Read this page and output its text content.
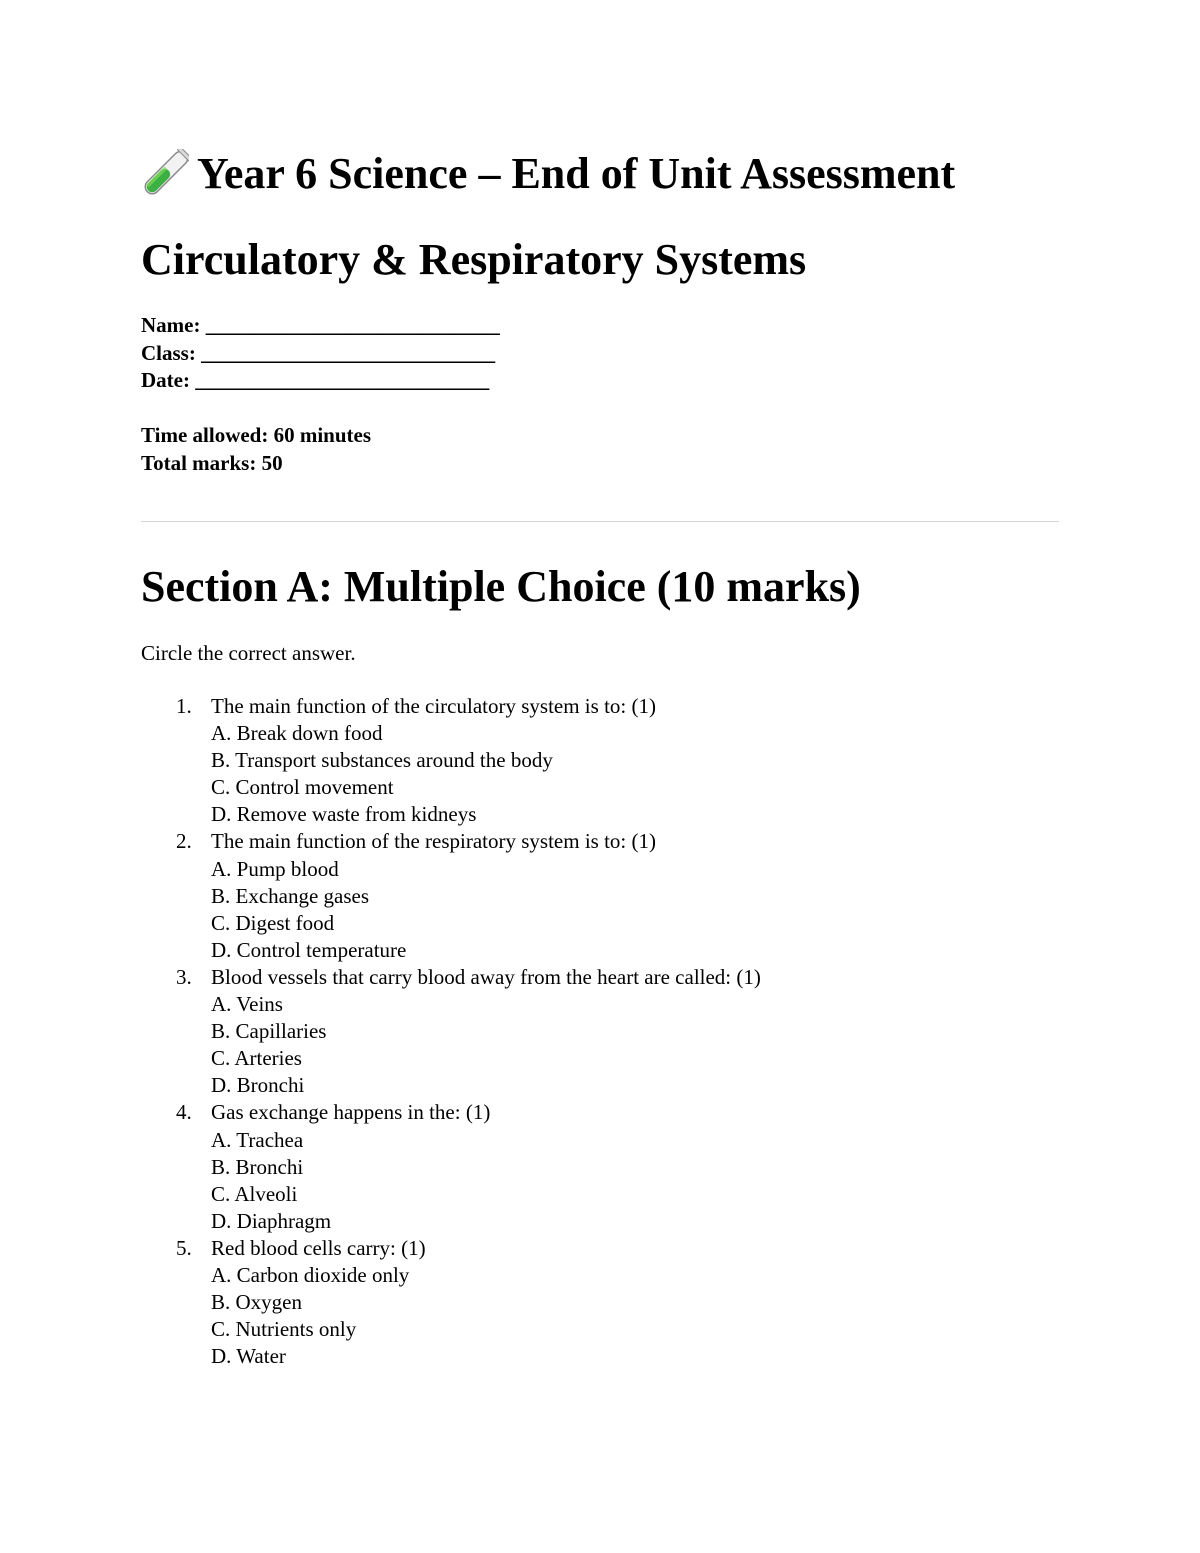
Year 6 Science – End of Unit Assessment
Circulatory & Respiratory Systems
Name: ____________________________
Class: ____________________________
Date: ____________________________
Time allowed: 60 minutes
Total marks: 50
Section A: Multiple Choice (10 marks)

Circle the correct answer.

1. The main function of the circulatory system is to: (1)
A. Break down food
B. Transport substances around the body
C. Control movement
D. Remove waste from kidneys
2. The main function of the respiratory system is to: (1)
A. Pump blood
B. Exchange gases
C. Digest food
D. Control temperature
3. Blood vessels that carry blood away from the heart are called: (1)
A. Veins
B. Capillaries
C. Arteries
D. Bronchi
4. Gas exchange happens in the: (1)
A. Trachea
B. Bronchi
C. Alveoli
D. Diaphragm
5. Red blood cells carry: (1)
A. Carbon dioxide only
B. Oxygen
C. Nutrients only
D. Water
